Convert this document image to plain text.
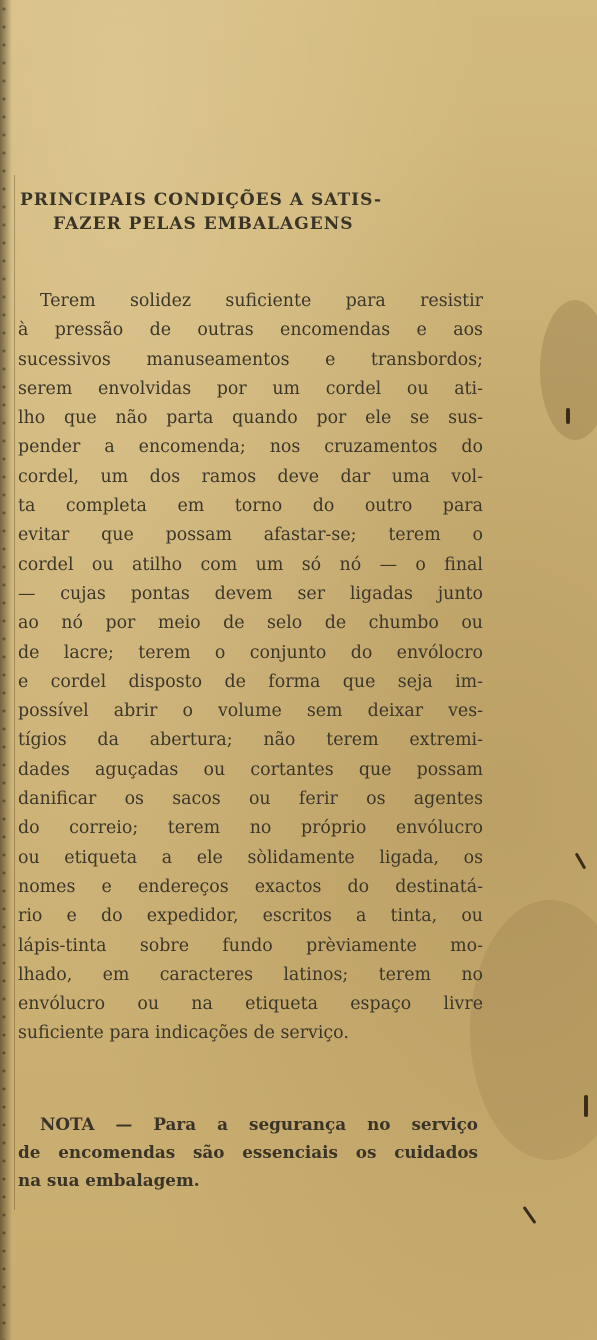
PRINCIPAIS CONDIÇÕES A SATIS-
FAZER PELAS EMBALAGENS
Terem solidez suficiente para resistir
à pressão de outras encomendas e aos
sucessivos manuseamentos e transbordos;
serem envolvidas por um cordel ou ati-
lho que não parta quando por ele se sus-
pender a encomenda; nos cruzamentos do
cordel, um dos ramos deve dar uma vol-
ta completa em torno do outro para
evitar que possam afastar-se; terem o
cordel ou atilho com um só nó — o final
— cujas pontas devem ser ligadas junto
ao nó por meio de selo de chumbo ou
de lacre; terem o conjunto do envólocro
e cordel disposto de forma que seja im-
possível abrir o volume sem deixar ves-
tígios da abertura; não terem extremi-
dades aguçadas ou cortantes que possam
danificar os sacos ou ferir os agentes
do correio; terem no próprio envólucro
ou etiqueta a ele sòlidamente ligada, os
nomes e endereços exactos do destinatá-
rio e do expedidor, escritos a tinta, ou
lápis-tinta sobre fundo prèviamente mo-
lhado, em caracteres latinos; terem no
envólucro ou na etiqueta espaço livre
suficiente para indicações de serviço.
NOTA — Para a segurança no serviço
de encomendas são essenciais os cuidados
na sua embalagem.
